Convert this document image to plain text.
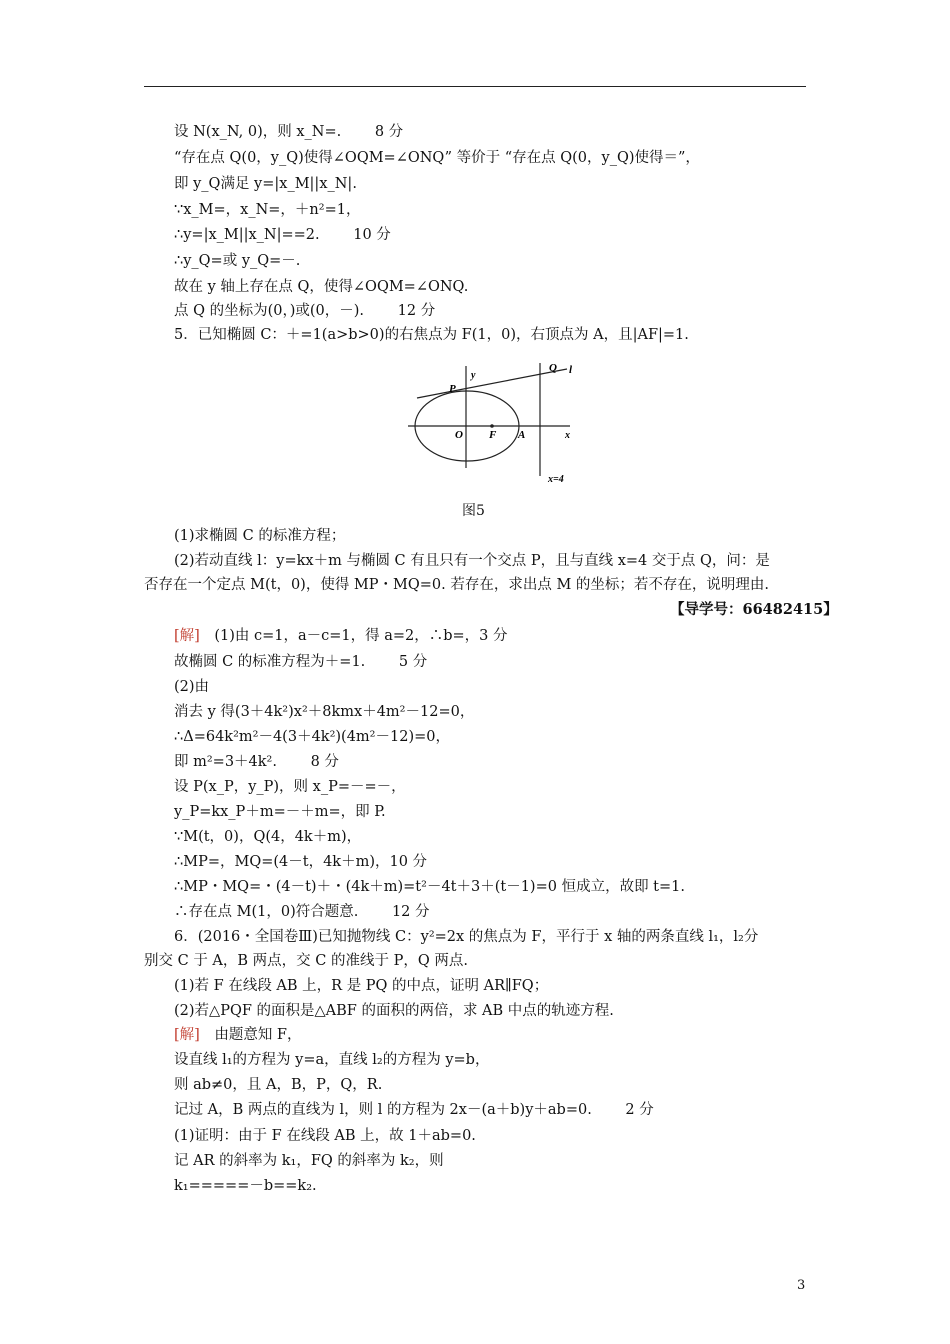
设 N(x_N, 0)，则 x_N=.　　 8 分
“存在点 Q(0，y_Q)使得∠OQM=∠ONQ” 等价于 “存在点 Q(0，y_Q)使得＝”，
即 y_Q满足 y=|x_M||x_N|.
∵x_M=，x_N=，＋n²=1，
∴y=|x_M||x_N|==2.　　 10 分
∴y_Q=或 y_Q=－.
故在 y 轴上存在点 Q，使得∠OQM=∠ONQ.
点 Q 的坐标为(0，)或(0，－).　　 12 分
5．已知椭圆 C：＋=1(a>b>0)的右焦点为 F(1，0)，右顶点为 A，且|AF|=1.
P
Q l
y
O F A	x
x=4
图5
(1)求椭圆 C 的标准方程；
(2)若动直线 l：y=kx＋m 与椭圆 C 有且只有一个交点 P，且与直线 x=4 交于点 Q，问：是
否存在一个定点 M(t，0)，使得 MP・MQ=0. 若存在，求出点 M 的坐标；若不存在，说明理由.
【导学号：66482415】
[解]　(1)由 c=1，a－c=1，得 a=2，∴b=，3 分
故椭圆 C 的标准方程为＋=1.　　 5 分
(2)由
消去 y 得(3＋4k²)x²＋8kmx＋4m²－12=0，
∴Δ=64k²m²－4(3＋4k²)(4m²－12)=0，
即 m²=3＋4k².　　 8 分
设 P(x_P，y_P)，则 x_P=－=－，
y_P=kx_P＋m=－＋m=，即 P.
∵M(t，0)，Q(4，4k＋m)，
∴MP=，MQ=(4－t，4k＋m)，10 分
∴MP・MQ=・(4－t)＋・(4k＋m)=t²－4t＋3＋(t－1)=0 恒成立，故即 t=1.
∴存在点 M(1，0)符合题意.　　 12 分
6．(2016・全国卷Ⅲ)已知抛物线 C：y²=2x 的焦点为 F，平行于 x 轴的两条直线 l₁，l₂分
别交 C 于 A，B 两点，交 C 的准线于 P，Q 两点.
(1)若 F 在线段 AB 上，R 是 PQ 的中点，证明 AR∥FQ；
(2)若△PQF 的面积是△ABF 的面积的两倍，求 AB 中点的轨迹方程.
[解]　由题意知 F，
设直线 l₁的方程为 y=a，直线 l₂的方程为 y=b，
则 ab≠0，且 A，B，P，Q，R.
记过 A，B 两点的直线为 l，则 l 的方程为 2x－(a＋b)y＋ab=0.　　 2 分
(1)证明：由于 F 在线段 AB 上，故 1＋ab=0.
记 AR 的斜率为 k₁，FQ 的斜率为 k₂，则
k₁=====－b==k₂.
3
